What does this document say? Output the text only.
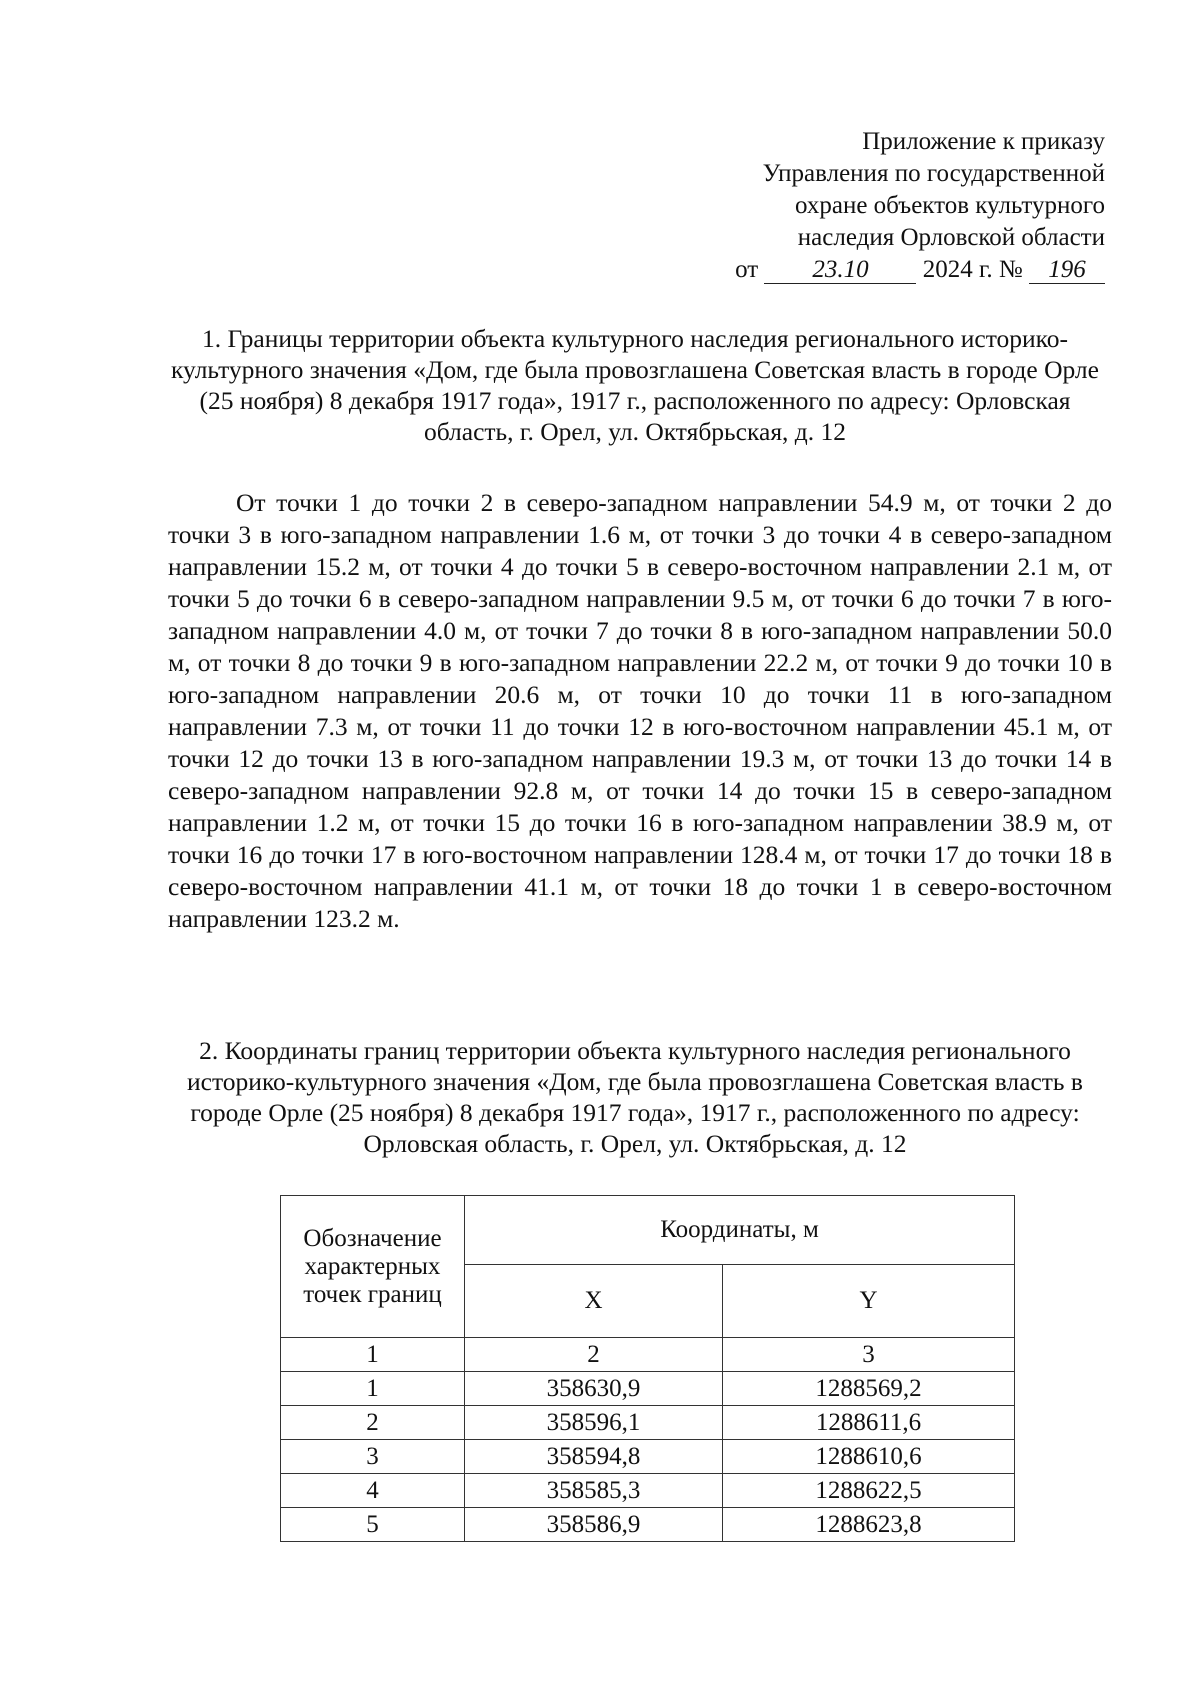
Приложение к приказу
Управления по государственной
охране объектов культурного
наследия Орловской области
от 23.10 2024 г. № 196
1. Границы территории объекта культурного наследия регионального историко-культурного значения «Дом, где была провозглашена Советская власть в городе Орле (25 ноября) 8 декабря 1917 года», 1917 г., расположенного по адресу: Орловская область, г. Орел, ул. Октябрьская, д. 12
От точки 1 до точки 2 в северо-западном направлении 54.9 м, от точки 2 до точки 3 в юго-западном направлении 1.6 м, от точки 3 до точки 4 в северо-западном направлении 15.2 м, от точки 4 до точки 5 в северо-восточном направлении 2.1 м, от точки 5 до точки 6 в северо-западном направлении 9.5 м, от точки 6 до точки 7 в юго-западном направлении 4.0 м, от точки 7 до точки 8 в юго-западном направлении 50.0 м, от точки 8 до точки 9 в юго-западном направлении 22.2 м, от точки 9 до точки 10 в юго-западном направлении 20.6 м, от точки 10 до точки 11 в юго-западном направлении 7.3 м, от точки 11 до точки 12 в юго-восточном направлении 45.1 м, от точки 12 до точки 13 в юго-западном направлении 19.3 м, от точки 13 до точки 14 в северо-западном направлении 92.8 м, от точки 14 до точки 15 в северо-западном направлении 1.2 м, от точки 15 до точки 16 в юго-западном направлении 38.9 м, от точки 16 до точки 17 в юго-восточном направлении 128.4 м, от точки 17 до точки 18 в северо-восточном направлении 41.1 м, от точки 18 до точки 1 в северо-восточном направлении 123.2 м.
2. Координаты границ территории объекта культурного наследия регионального историко-культурного значения «Дом, где была провозглашена Советская власть в городе Орле (25 ноября) 8 декабря 1917 года», 1917 г., расположенного по адресу: Орловская область, г. Орел, ул. Октябрьская, д. 12
Обозначение характерных точек границ	Координаты, м	
	X	Y
1	2	3
1	358630,9	1288569,2
2	358596,1	1288611,6
3	358594,8	1288610,6
4	358585,3	1288622,5
5	358586,9	1288623,8
